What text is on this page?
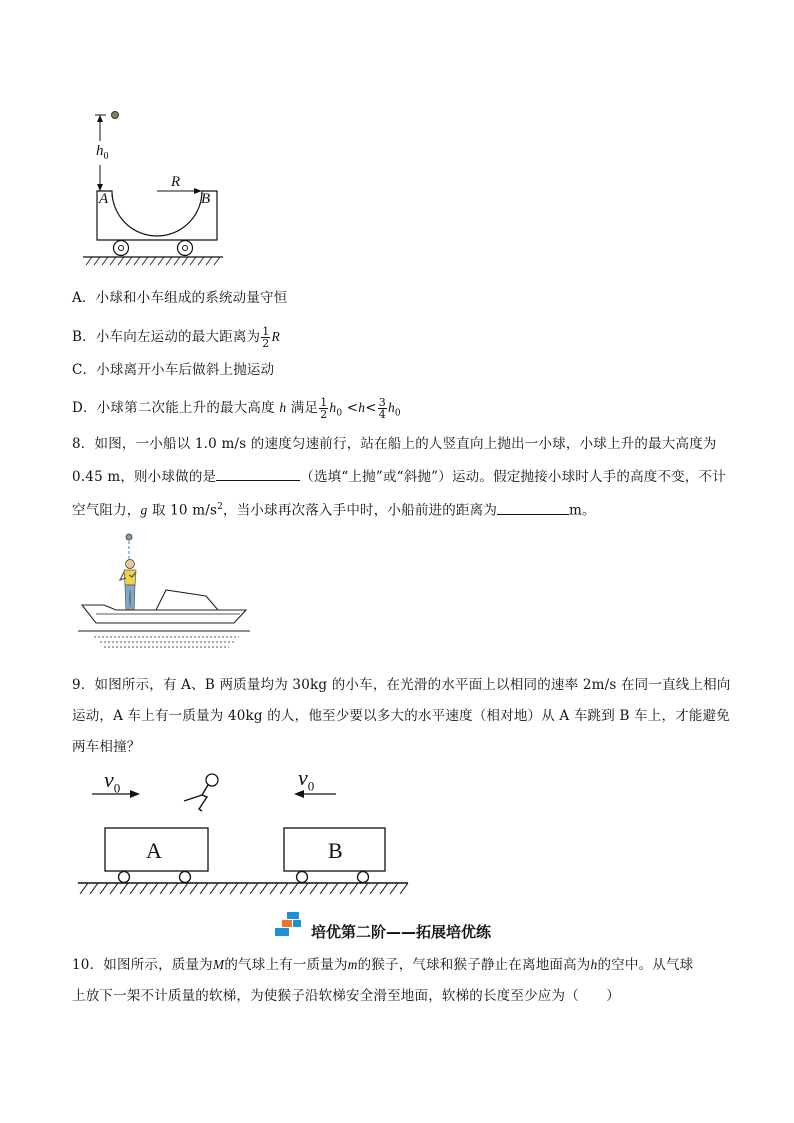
$h_0$
R
A	B
A．小球和小车组成的系统动量守恒
B．小车向左运动的最大距离为 $\frac{1}{2}$ R
C．小球离开小车后做斜上抛运动
D．小球第二次能上升的最大高度 h 满足 $\frac{1}{2} h_0 <h< \frac{3}{4} h_0$
8．如图，一小船以 1.0 m/s 的速度匀速前行，站在船上的人竖直向上抛出一小球，小球上升的最大高度为
0.45 m，则小球做的是	（选填“上抛”或“斜抛”）运动。假定抛接小球时人手的高度不变，不计
空气阻力，g 取 10 $m/s^2$，当小球再次落入手中时，小船前进的距离为	m。
9．如图所示，有 A、B 两质量均为 30kg 的小车，在光滑的水平面上以相同的速率 2m/s 在同一直线上相向
运动，A 车上有一质量为 40kg 的人，他至少要以多大的水平速度（相对地）从 A 车跳到 B 车上，才能避免
两车相撞？
$v_0$	$v_0$
A	B
培优第二阶——拓展培优练
10．如图所示，质量为M的气球上有一质量为m的猴子，气球和猴子静止在离地面高为h的空中。从气球
上放下一架不计质量的软梯，为使猴子沿软梯安全滑至地面，软梯的长度至少应为（　　）
